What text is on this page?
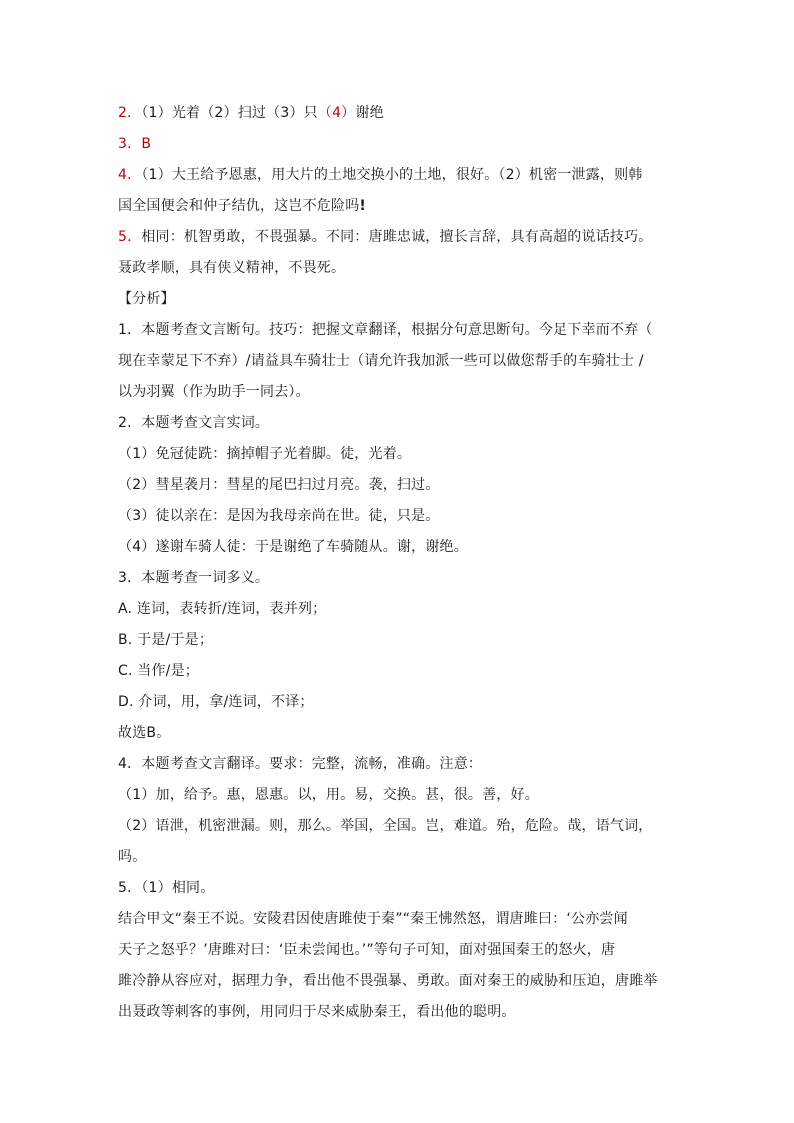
2．（1）光着（2）扫过（3）只（4）谢绝
3．B
4．（1）大王给予恩惠，用大片的土地交换小的土地，很好。（2）机密一泄露，则韩
国全国便会和仲子结仇，这岂不危险吗!
5．相同：机智勇敢，不畏强暴。不同：唐雎忠诚，擅长言辞，具有高超的说话技巧。
聂政孝顺，具有侠义精神，不畏死。
【分析】
1．本题考查文言断句。技巧：把握文章翻译，根据分句意思断句。今足下幸而不弃（
现在幸蒙足下不弃）/请益具车骑壮士（请允许我加派一些可以做您帮手的车骑壮士 /
以为羽翼（作为助手一同去）。
2．本题考查文言实词。
（1）免冠徒跣：摘掉帽子光着脚。徒，光着。
（2）彗星袭月：彗星的尾巴扫过月亮。袭，扫过。
（3）徒以亲在：是因为我母亲尚在世。徒，只是。
（4）遂谢车骑人徒：于是谢绝了车骑随从。谢，谢绝。
3．本题考查一词多义。
A. 连词，表转折/连词，表并列；
B. 于是/于是；
C. 当作/是；
D. 介词，用，拿/连词，不译；
故选B。
4．本题考查文言翻译。要求：完整，流畅，准确。注意：
（1）加，给予。惠，恩惠。以，用。易，交换。甚，很。善，好。
（2）语泄，机密泄漏。则，那么。举国，全国。岂，难道。殆，危险。哉，语气词，
吗。
5．（1）相同。
结合甲文“秦王不说。安陵君因使唐雎使于秦”“秦王怫然怒，谓唐雎曰：‘公亦尝闻
天子之怒乎？’唐雎对曰：‘臣未尝闻也。’”等句子可知，面对强国秦王的怒火，唐
雎冷静从容应对，据理力争，看出他不畏强暴、勇敢。面对秦王的威胁和压迫，唐雎举
出聂政等刺客的事例，用同归于尽来威胁秦王，看出他的聪明。
